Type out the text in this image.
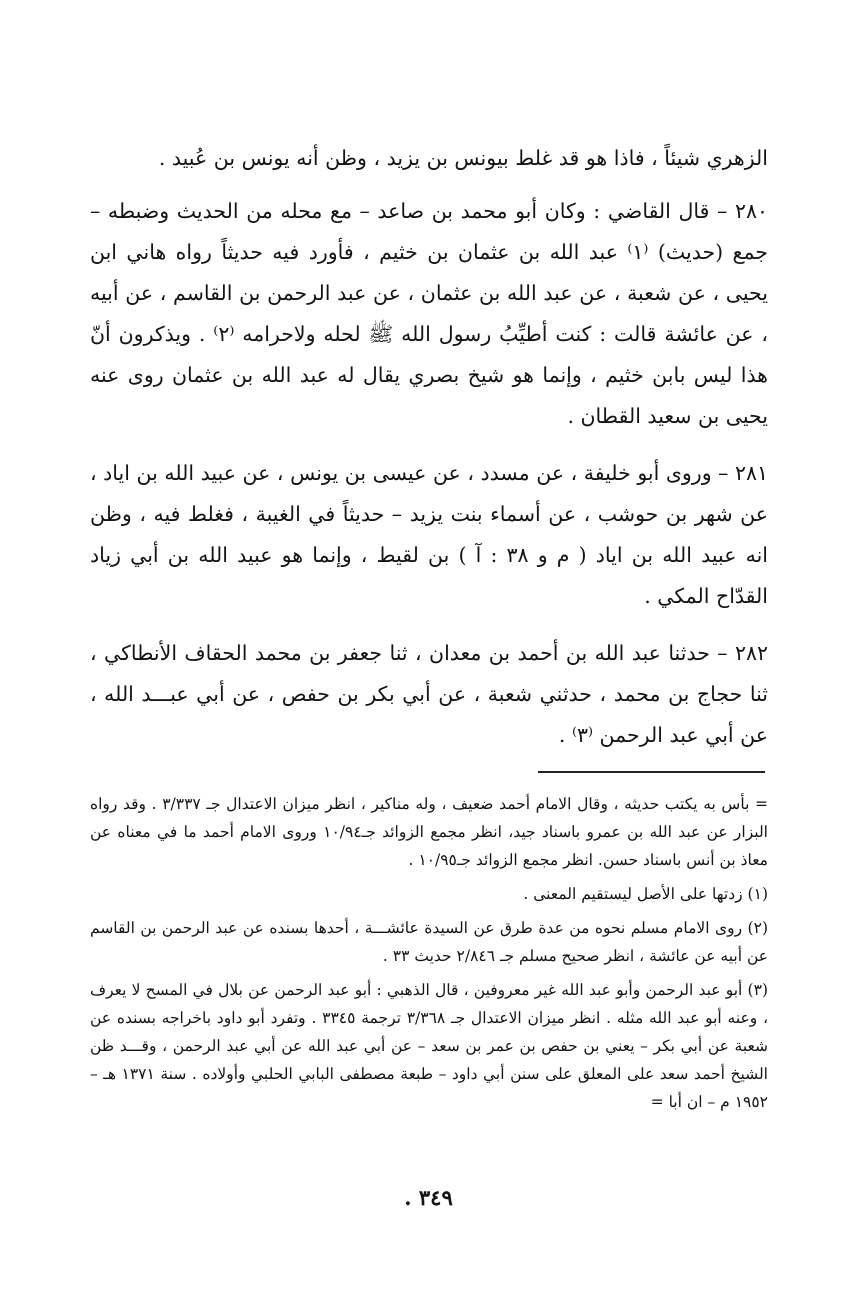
الزهري شيئاً ، فاذا هو قد غلط بيونس بن يزيد ، وظن أنه يونس بن عُبيد .

٢٨٠ – قال القاضي : وكان أبو محمد بن صاعد – مع محله من الحديث وضبطه – جمع (حديث) ⁽١⁾ عبد الله بن عثمان بن خثيم ، فأورد فيه حديثاً رواه هاني ابن يحيى ، عن شعبة ، عن عبد الله بن عثمان ، عن عبد الرحمن بن القاسم ، عن أبيه ، عن عائشة قالت : كنت أطيِّبُ رسول الله ﷺ لحله ولاحرامه ⁽٢⁾ . ويذكرون أنّ هذا ليس بابن خثيم ، وإنما هو شيخ بصري يقال له عبد الله بن عثمان روى عنه يحيى بن سعيد القطان .

٢٨١ – وروى أبو خليفة ، عن مسدد ، عن عيسى بن يونس ، عن عبيد الله بن اياد ، عن شهر بن حوشب ، عن أسماء بنت يزيد – حديثاً في الغيبة ، فغلط فيه ، وظن انه عبيد الله بن اياد ( م و ٣٨ : آ ) بن لقيط ، وإنما هو عبيد الله بن أبي زياد القدّاح المكي .

٢٨٢ – حدثنا عبد الله بن أحمد بن معدان ، ثنا جعفر بن محمد الحقاف الأنطاكي ، ثنا حجاج بن محمد ، حدثني شعبة ، عن أبي بكر بن حفص ، عن أبي عبـــد الله ، عن أبي عبد الرحمن ⁽٣⁾ .

= بأس به يكتب حديثه ، وقال الامام أحمد ضعيف ، وله مناكير ، انظر ميزان الاعتدال جـ ٣/٣٣٧ . وقد رواه البزار عن عبد الله بن عمرو باسناد جيد، انظر مجمع الزوائد جـ١٠/٩٤ وروى الامام أحمد ما في معناه عن معاذ بن أنس باسناد حسن. انظر مجمع الزوائد جـ١٠/٩٥ .

(١) زدتها على الأصل ليستقيم المعنى .

(٢) روى الامام مسلم نحوه من عدة طرق عن السيدة عائشـــة ، أحدها بسنده عن عبد الرحمن بن القاسم عن أبيه عن عائشة ، انظر صحيح مسلم جـ ٢/٨٤٦ حديث ٣٣ .

(٣) أبو عبد الرحمن وأبو عبد الله غير معروفين ، قال الذهبي : أبو عبد الرحمن عن بلال في المسح لا يعرف ، وعنه أبو عبد الله مثله . انظر ميزان الاعتدال جـ ٣/٣٦٨ ترجمة ٣٣٤٥ . وتفرد أبو داود باخراجه بسنده عن شعبة عن أبي بكر – يعني بن حفص بن عمر بن سعد – عن أبي عبد الله عن أبي عبد الرحمن ، وقـــد ظن الشيخ أحمد سعد على المعلق على سنن أبي داود – طبعة مصطفى البابي الحلبي وأولاده . سنة ١٣٧١ هـ – ١٩٥٢ م – ان أبا =

٣٤٩ .
